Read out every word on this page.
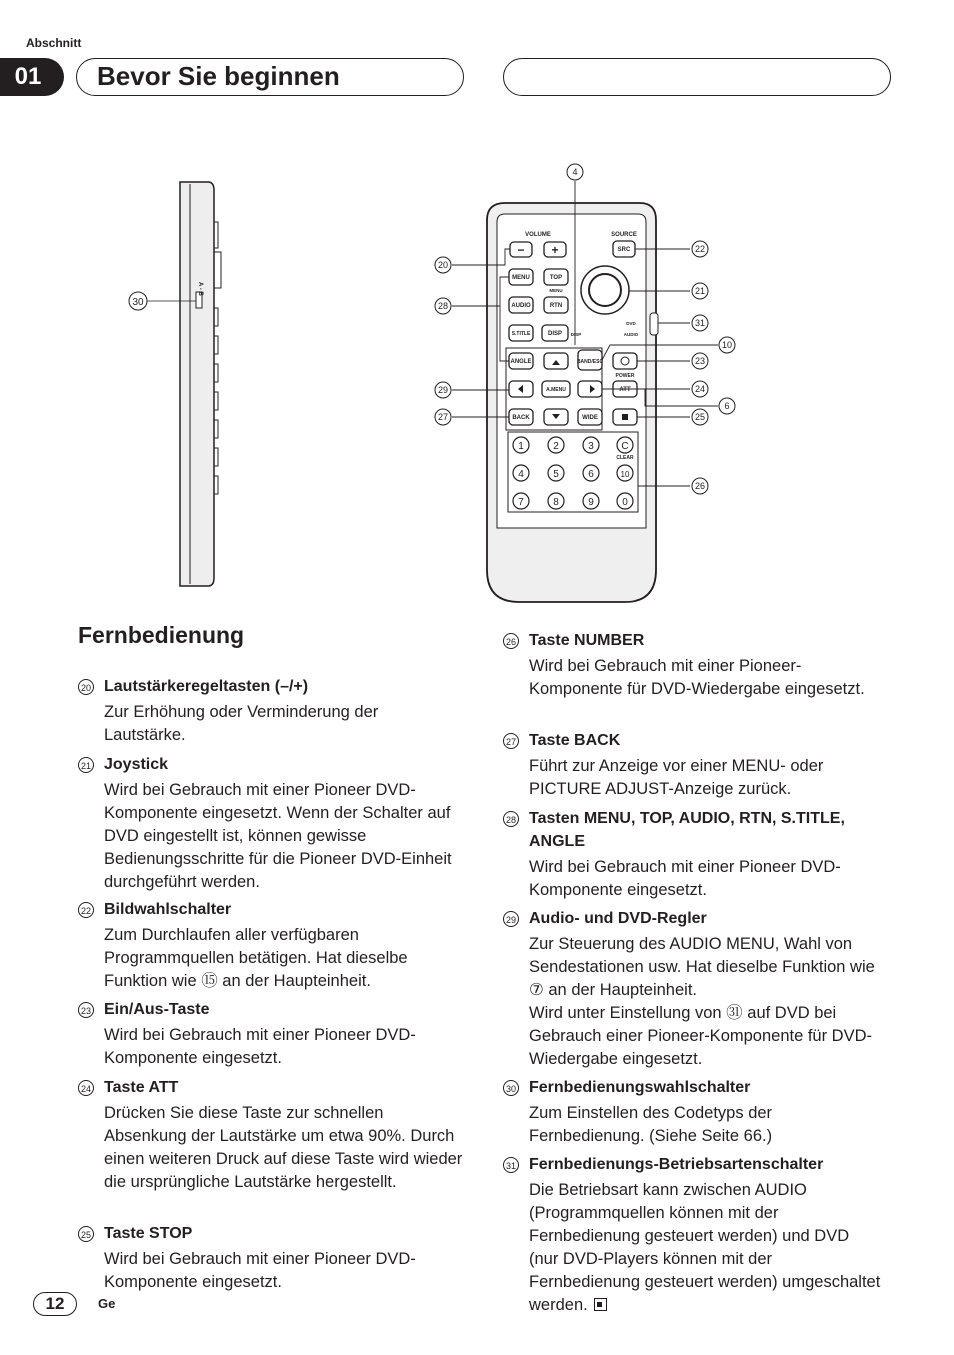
Abschnitt
01	Bevor Sie beginnen
A - B
30
VOLUME	SOURCE
− +	SRC
MENU	TOP
MENU
AUDIO	RTN
S.TITLE	DISP DISP
ANGLE	BAND/ESC
POWER
ATT
A.MENU
BACK	WIDE
CLEAR
DVD
AUDIO
1	2	3	C
4	5	6	10
7	8	9	0
4
20
28
29
27
22
21
31
10
23
24
6
25
26
Fernbedienung
20 Lautstärkeregeltasten (–/+)
Zur Erhöhung oder Verminderung der Lautstärke.
21 Joystick
Wird bei Gebrauch mit einer Pioneer DVD-Komponente eingesetzt. Wenn der Schalter auf DVD eingestellt ist, können gewisse Bedienungsschritte für die Pioneer DVD-Einheit durchgeführt werden.
22 Bildwahlschalter
Zum Durchlaufen aller verfügbaren Programmquellen betätigen. Hat dieselbe Funktion wie ⑮ an der Haupteinheit.
23 Ein/Aus-Taste
Wird bei Gebrauch mit einer Pioneer DVD-Komponente eingesetzt.
24 Taste ATT
Drücken Sie diese Taste zur schnellen Absenkung der Lautstärke um etwa 90%. Durch einen weiteren Druck auf diese Taste wird wieder die ursprüngliche Lautstärke hergestellt.
25 Taste STOP
Wird bei Gebrauch mit einer Pioneer DVD-Komponente eingesetzt.
26 Taste NUMBER
Wird bei Gebrauch mit einer Pioneer-Komponente für DVD-Wiedergabe eingesetzt.
27 Taste BACK
Führt zur Anzeige vor einer MENU- oder PICTURE ADJUST-Anzeige zurück.
28 Tasten MENU, TOP, AUDIO, RTN, S.TITLE,
ANGLE
Wird bei Gebrauch mit einer Pioneer DVD-Komponente eingesetzt.
29 Audio- und DVD-Regler
Zur Steuerung des AUDIO MENU, Wahl von Sendestationen usw. Hat dieselbe Funktion wie ⑦ an der Haupteinheit.
Wird unter Einstellung von ㉛ auf DVD bei Gebrauch einer Pioneer-Komponente für DVD-Wiedergabe eingesetzt.
30 Fernbedienungswahlschalter
Zum Einstellen des Codetyps der Fernbedienung. (Siehe Seite 66.)
31 Fernbedienungs-Betriebsartenschalter
Die Betriebsart kann zwischen AUDIO (Programmquellen können mit der Fernbedienung gesteuert werden) und DVD (nur DVD-Players können mit der Fernbedienung gesteuert werden) umgeschaltet werden.
12	Ge
